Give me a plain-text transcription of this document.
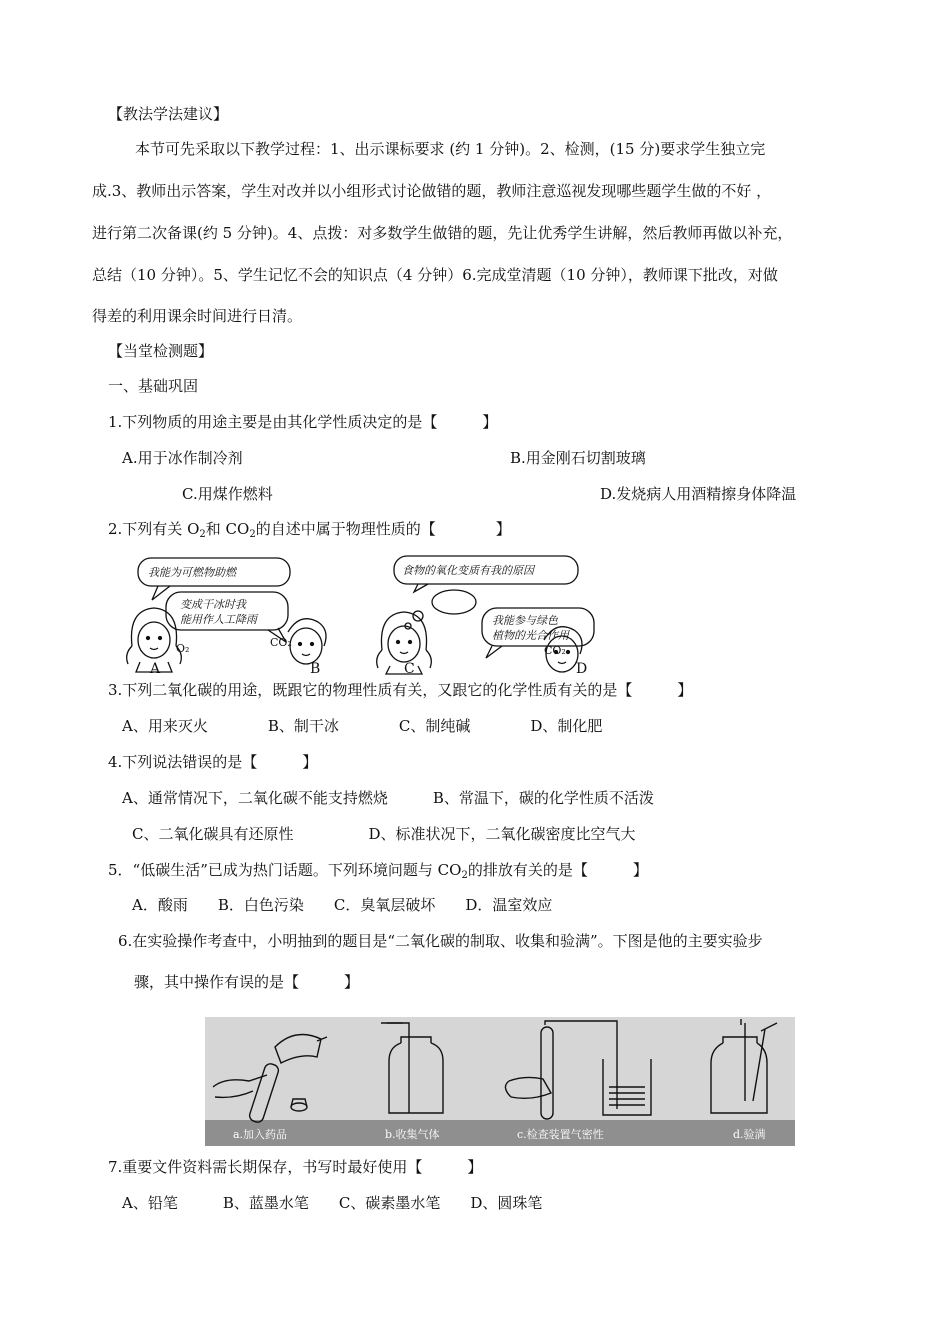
【教法学法建议】
本节可先采取以下教学过程：1、出示课标要求 (约 1 分钟)。2、检测，(15 分)要求学生独立完
成.3、教师出示答案，学生对改并以小组形式讨论做错的题，教师注意巡视发现哪些题学生做的不好 ，
进行第二次备课(约 5 分钟)。4、点拨：对多数学生做错的题，先让优秀学生讲解，然后教师再做以补充，
总结（10 分钟）。5、学生记忆不会的知识点（4 分钟）6.完成堂清题（10 分钟），教师课下批改，对做
得差的利用课余时间进行日清。
【当堂检测题】
一、基础巩固
1.下列物质的用途主要是由其化学性质决定的是【　　　】
A.用于冰作制冷剂	B.用金刚石切割玻璃
C.用煤作燃料	D.发烧病人用酒精擦身体降温
2.下列有关 $O_2$和 $CO_2$的自述中属于物理性质的【　　　　】
我能为可燃物助燃
变成干冰时我
能用作人工降雨
食物的氧化变质有我的原因
我能参与绿色
植物的光合作用
O₂	CO₂
CO₂
A	B	C	D
3.下列二氧化碳的用途，既跟它的物理性质有关，又跟它的化学性质有关的是【　　　】
A、用来灭火　　　　B、制干冰　　　　C、制纯碱　　　　D、制化肥
4.下列说法错误的是【　　　】
A、通常情况下，二氧化碳不能支持燃烧　　　B、常温下，碳的化学性质不活泼
C、二氧化碳具有还原性　　　　　D、标准状况下，二氧化碳密度比空气大
5．“低碳生活”已成为热门话题。下列环境问题与 $CO_2$的排放有关的是【　　　】
A．酸雨　　B．白色污染　　C．臭氧层破坏　　D．温室效应
6.在实验操作考查中，小明抽到的题目是“二氧化碳的制取、收集和验满”。下图是他的主要实验步
骤，其中操作有误的是【　　　】
a.加入药品	b.收集气体	c.检查装置气密性	d.验满
7.重要文件资料需长期保存，书写时最好使用【　　　】
A、铅笔　　　B、蓝墨水笔　　C、碳素墨水笔　　D、圆珠笔
